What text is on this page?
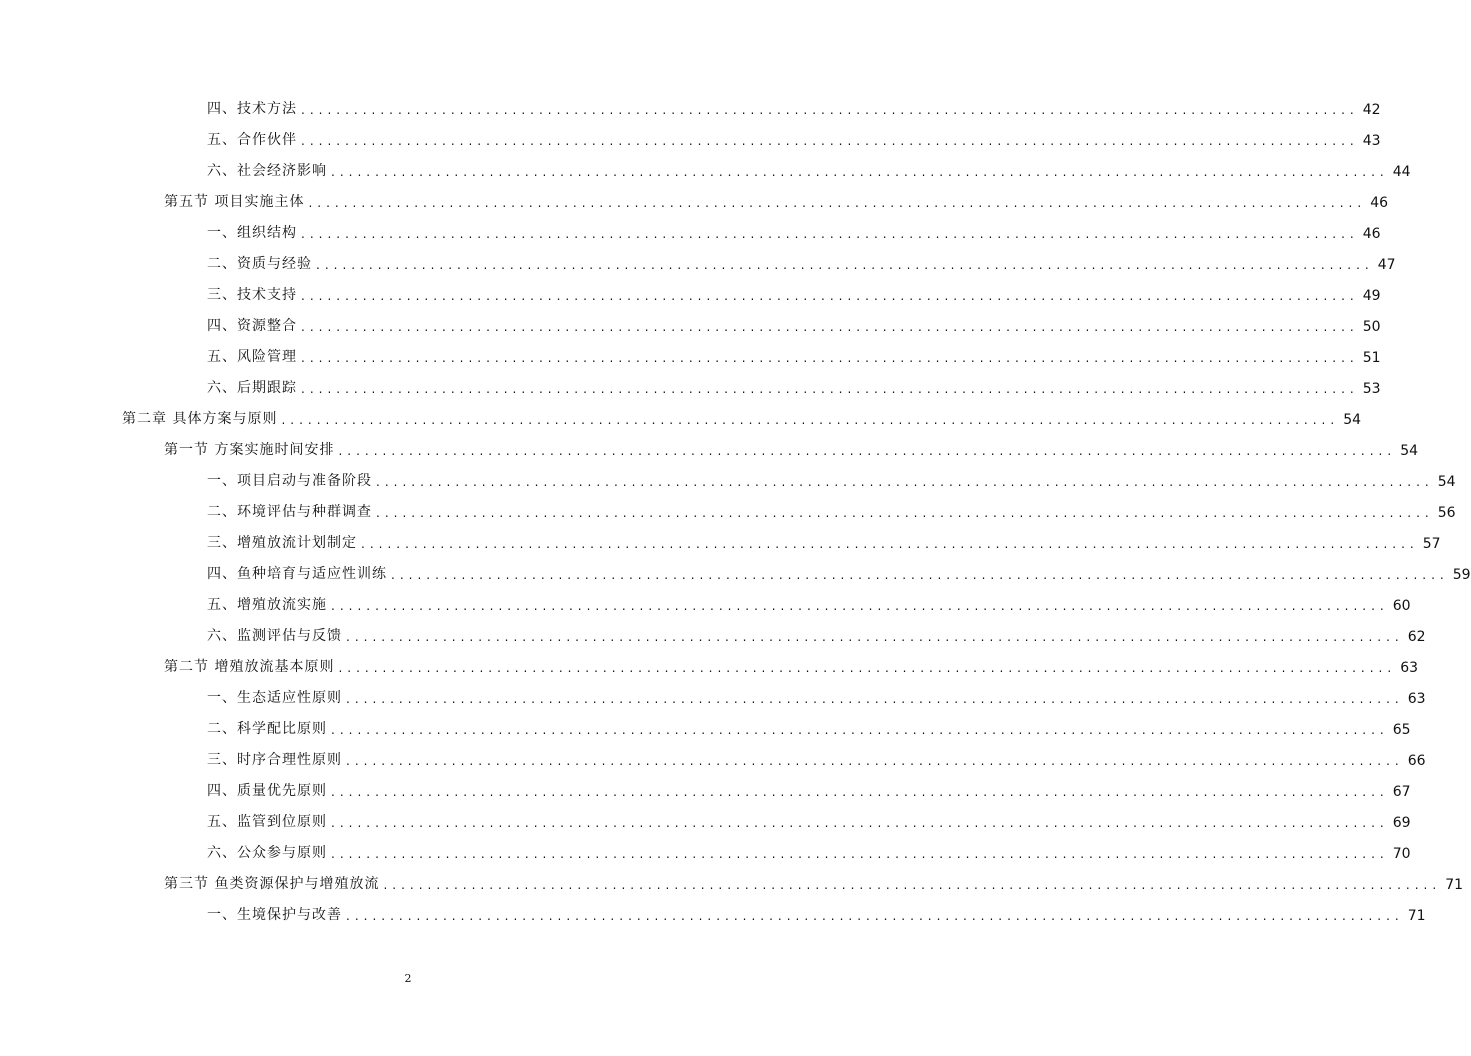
四、技术方法 ........................................................................................................................ 42
五、合作伙伴 ........................................................................................................................ 43
六、社会经济影响 ........................................................................................................................ 44
第五节 项目实施主体 ........................................................................................................................ 46
一、组织结构 ........................................................................................................................ 46
二、资质与经验 ........................................................................................................................ 47
三、技术支持 ........................................................................................................................ 49
四、资源整合 ........................................................................................................................ 50
五、风险管理 ........................................................................................................................ 51
六、后期跟踪 ........................................................................................................................ 53
第二章 具体方案与原则 ........................................................................................................................ 54
第一节 方案实施时间安排 ........................................................................................................................ 54
一、项目启动与准备阶段 ........................................................................................................................ 54
二、环境评估与种群调查 ........................................................................................................................ 56
三、增殖放流计划制定 ........................................................................................................................ 57
四、鱼种培育与适应性训练 ........................................................................................................................ 59
五、增殖放流实施 ........................................................................................................................ 60
六、监测评估与反馈 ........................................................................................................................ 62
第二节 增殖放流基本原则 ........................................................................................................................ 63
一、生态适应性原则 ........................................................................................................................ 63
二、科学配比原则 ........................................................................................................................ 65
三、时序合理性原则 ........................................................................................................................ 66
四、质量优先原则 ........................................................................................................................ 67
五、监管到位原则 ........................................................................................................................ 69
六、公众参与原则 ........................................................................................................................ 70
第三节 鱼类资源保护与增殖放流 ........................................................................................................................ 71
一、生境保护与改善 ........................................................................................................................ 71
2
